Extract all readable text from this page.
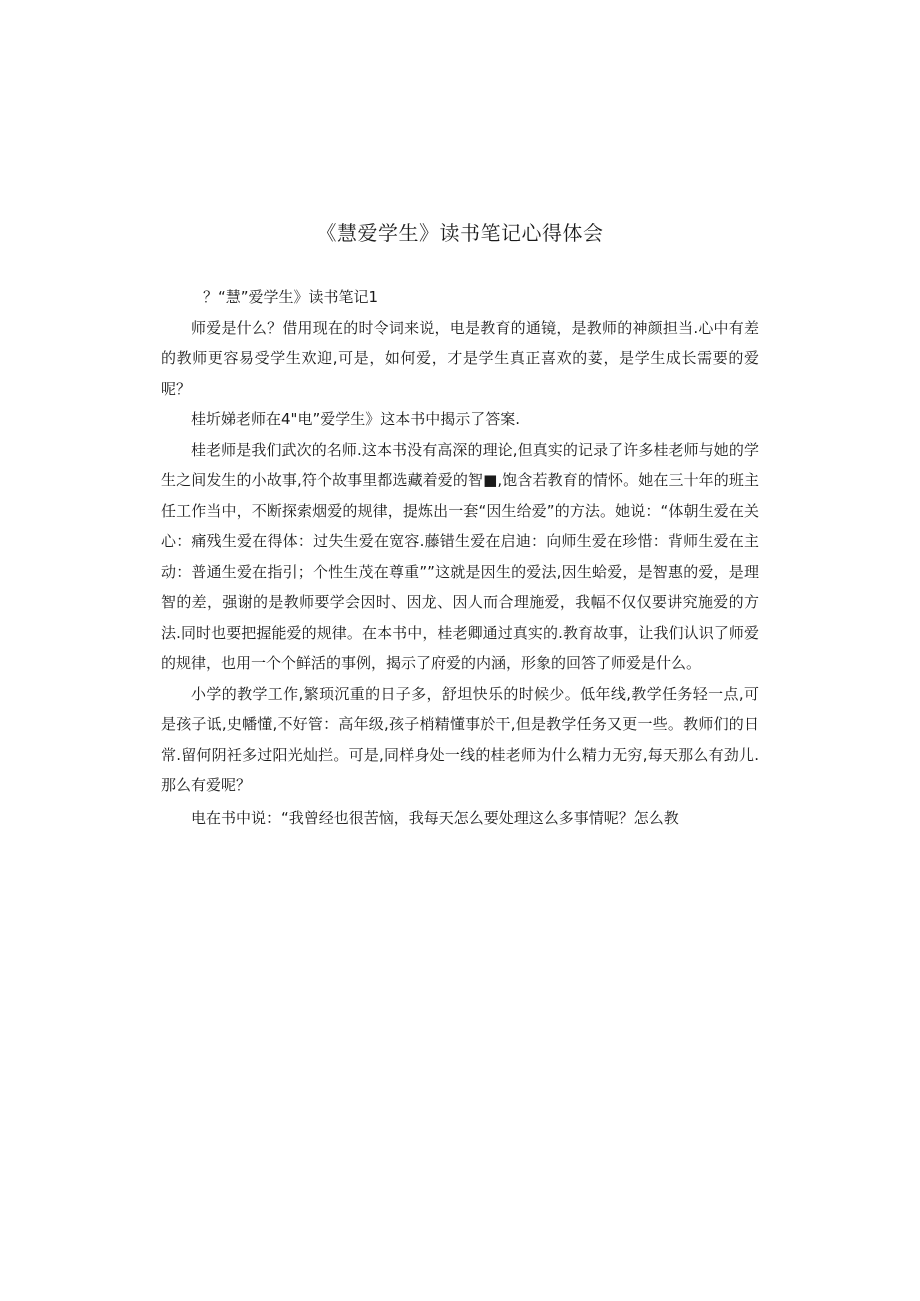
《慧爱学生》读书笔记心得体会

？“慧”爱学生》读书笔记1

师爱是什么？借用现在的时令词来说，电是教育的通镜，是教师的神颜担当.心中有差的教师更容易受学生欢迎,可是，如何爱，才是学生真正喜欢的荽，是学生成长需要的爱呢？

桂圻娣老师在4"电”爱学生》这本书中揭示了答案.

桂老师是我们武次的名师.这本书没有高深的理论,但真实的记录了许多桂老师与她的学生之间发生的小故事,符个故事里都选藏着爱的智■,饱含若教育的情怀。她在三十年的班主任工作当中，不断探索烟爱的规律，提炼出一套“因生给爱”的方法。她说：“体朝生爱在关心：痛残生爱在得体：过失生爱在宽容.藤错生爱在启迪：向师生爱在珍惜：背师生爱在主动：普通生爱在指引；个性生茂在尊重””这就是因生的爱法,因生蛤爱，是智惠的爱，是理智的差，强谢的是教师要学会因时、因龙、因人而合理施爱，我幅不仅仅要讲究施爱的方法.同时也要把握能爱的规律。在本书中，桂老卿通过真实的.教育故事，让我们认识了师爱的规律，也用一个个鲜活的事例，揭示了府爱的内涵，形象的回答了师爱是什么。

小学的教学工作,繁顼沉重的日子多，舒坦快乐的时候少。低年线,教学任务轻一点,可是孩子诋,史幡懂,不好管：高年级,孩子梢精懂事於干,但是教学任务又更一些。教师们的日常.留何阴衽多过阳光灿拦。可是,同样身处一线的桂老师为什么精力无穷,每天那么有劲儿.那么有爱呢？

电在书中说：“我曾经也很苦恼，我每天怎么要处理这么多事情呢？怎么教
